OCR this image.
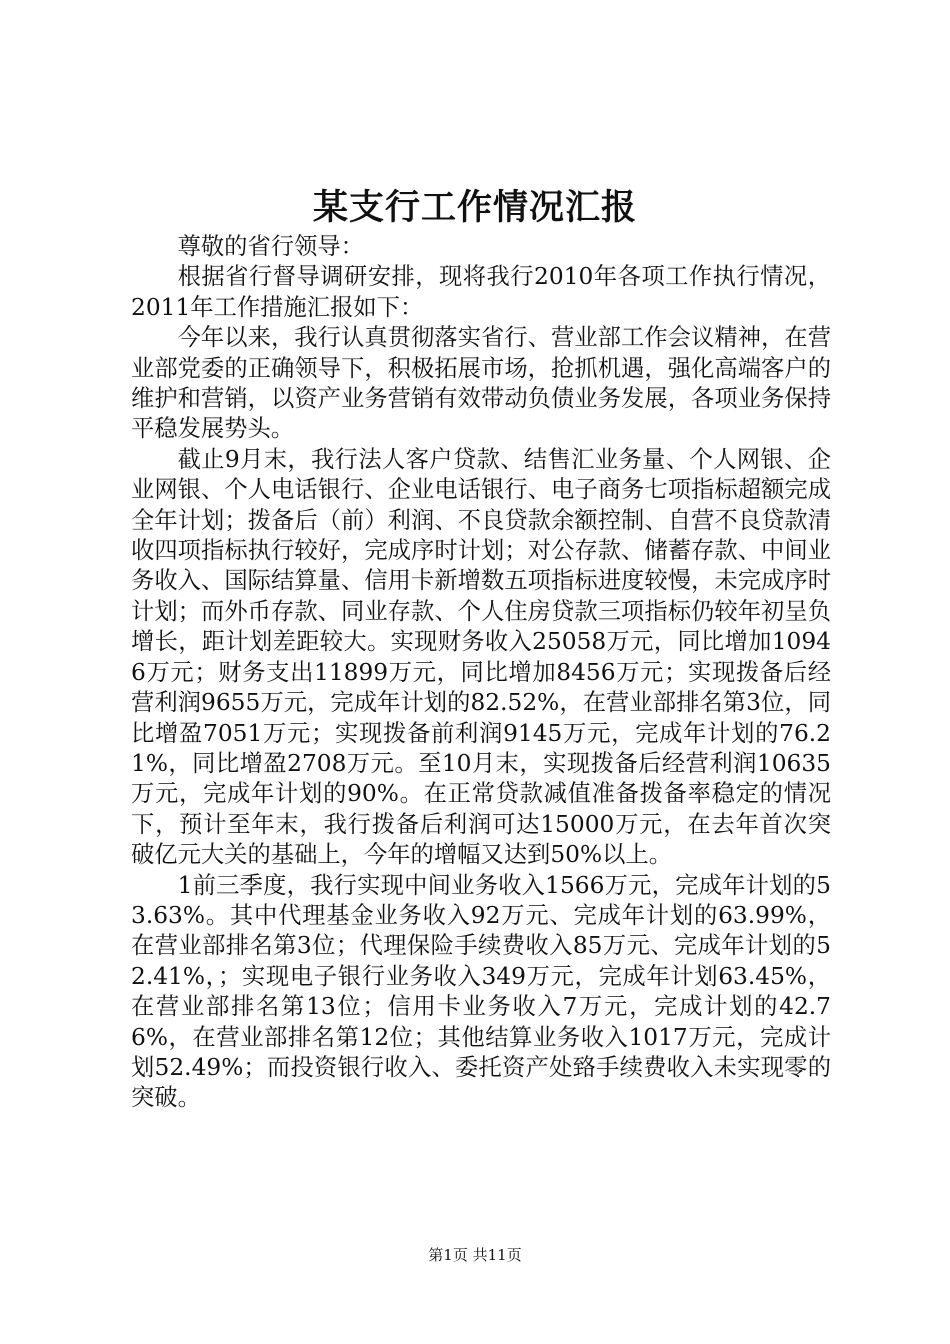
某支行工作情况汇报

尊敬的省行领导：

根据省行督导调研安排，现将我行2010年各项工作执行情况，2011年工作措施汇报如下：

今年以来，我行认真贯彻落实省行、营业部工作会议精神，在营业部党委的正确领导下，积极拓展市场，抢抓机遇，强化高端客户的维护和营销，以资产业务营销有效带动负债业务发展，各项业务保持平稳发展势头。

截止9月末，我行法人客户贷款、结售汇业务量、个人网银、企业网银、个人电话银行、企业电话银行、电子商务七项指标超额完成全年计划；拨备后（前）利润、不良贷款余额控制、自营不良贷款清收四项指标执行较好，完成序时计划；对公存款、储蓄存款、中间业务收入、国际结算量、信用卡新增数五项指标进度较慢，未完成序时计划；而外币存款、同业存款、个人住房贷款三项指标仍较年初呈负增长，距计划差距较大。实现财务收入25058万元，同比增加10946万元；财务支出11899万元，同比增加8456万元；实现拨备后经营利润9655万元，完成年计划的82.52%，在营业部排名第3位，同比增盈7051万元；实现拨备前利润9145万元，完成年计划的76.21%，同比增盈2708万元。至10月末，实现拨备后经营利润10635万元，完成年计划的90%。在正常贷款减值准备拨备率稳定的情况下，预计至年末，我行拨备后利润可达15000万元，在去年首次突破亿元大关的基础上，今年的增幅又达到50%以上。

1前三季度，我行实现中间业务收入1566万元，完成年计划的53.63%。其中代理基金业务收入92万元、完成年计划的63.99%，在营业部排名第3位；代理保险手续费收入85万元、完成年计划的52.41%，；实现电子银行业务收入349万元，完成年计划63.45%，在营业部排名第13位；信用卡业务收入7万元，完成计划的42.76%，在营业部排名第12位；其他结算业务收入1017万元，完成计划52.49%；而投资银行收入、委托资产处臵手续费收入未实现零的突破。

第1页 共11页
